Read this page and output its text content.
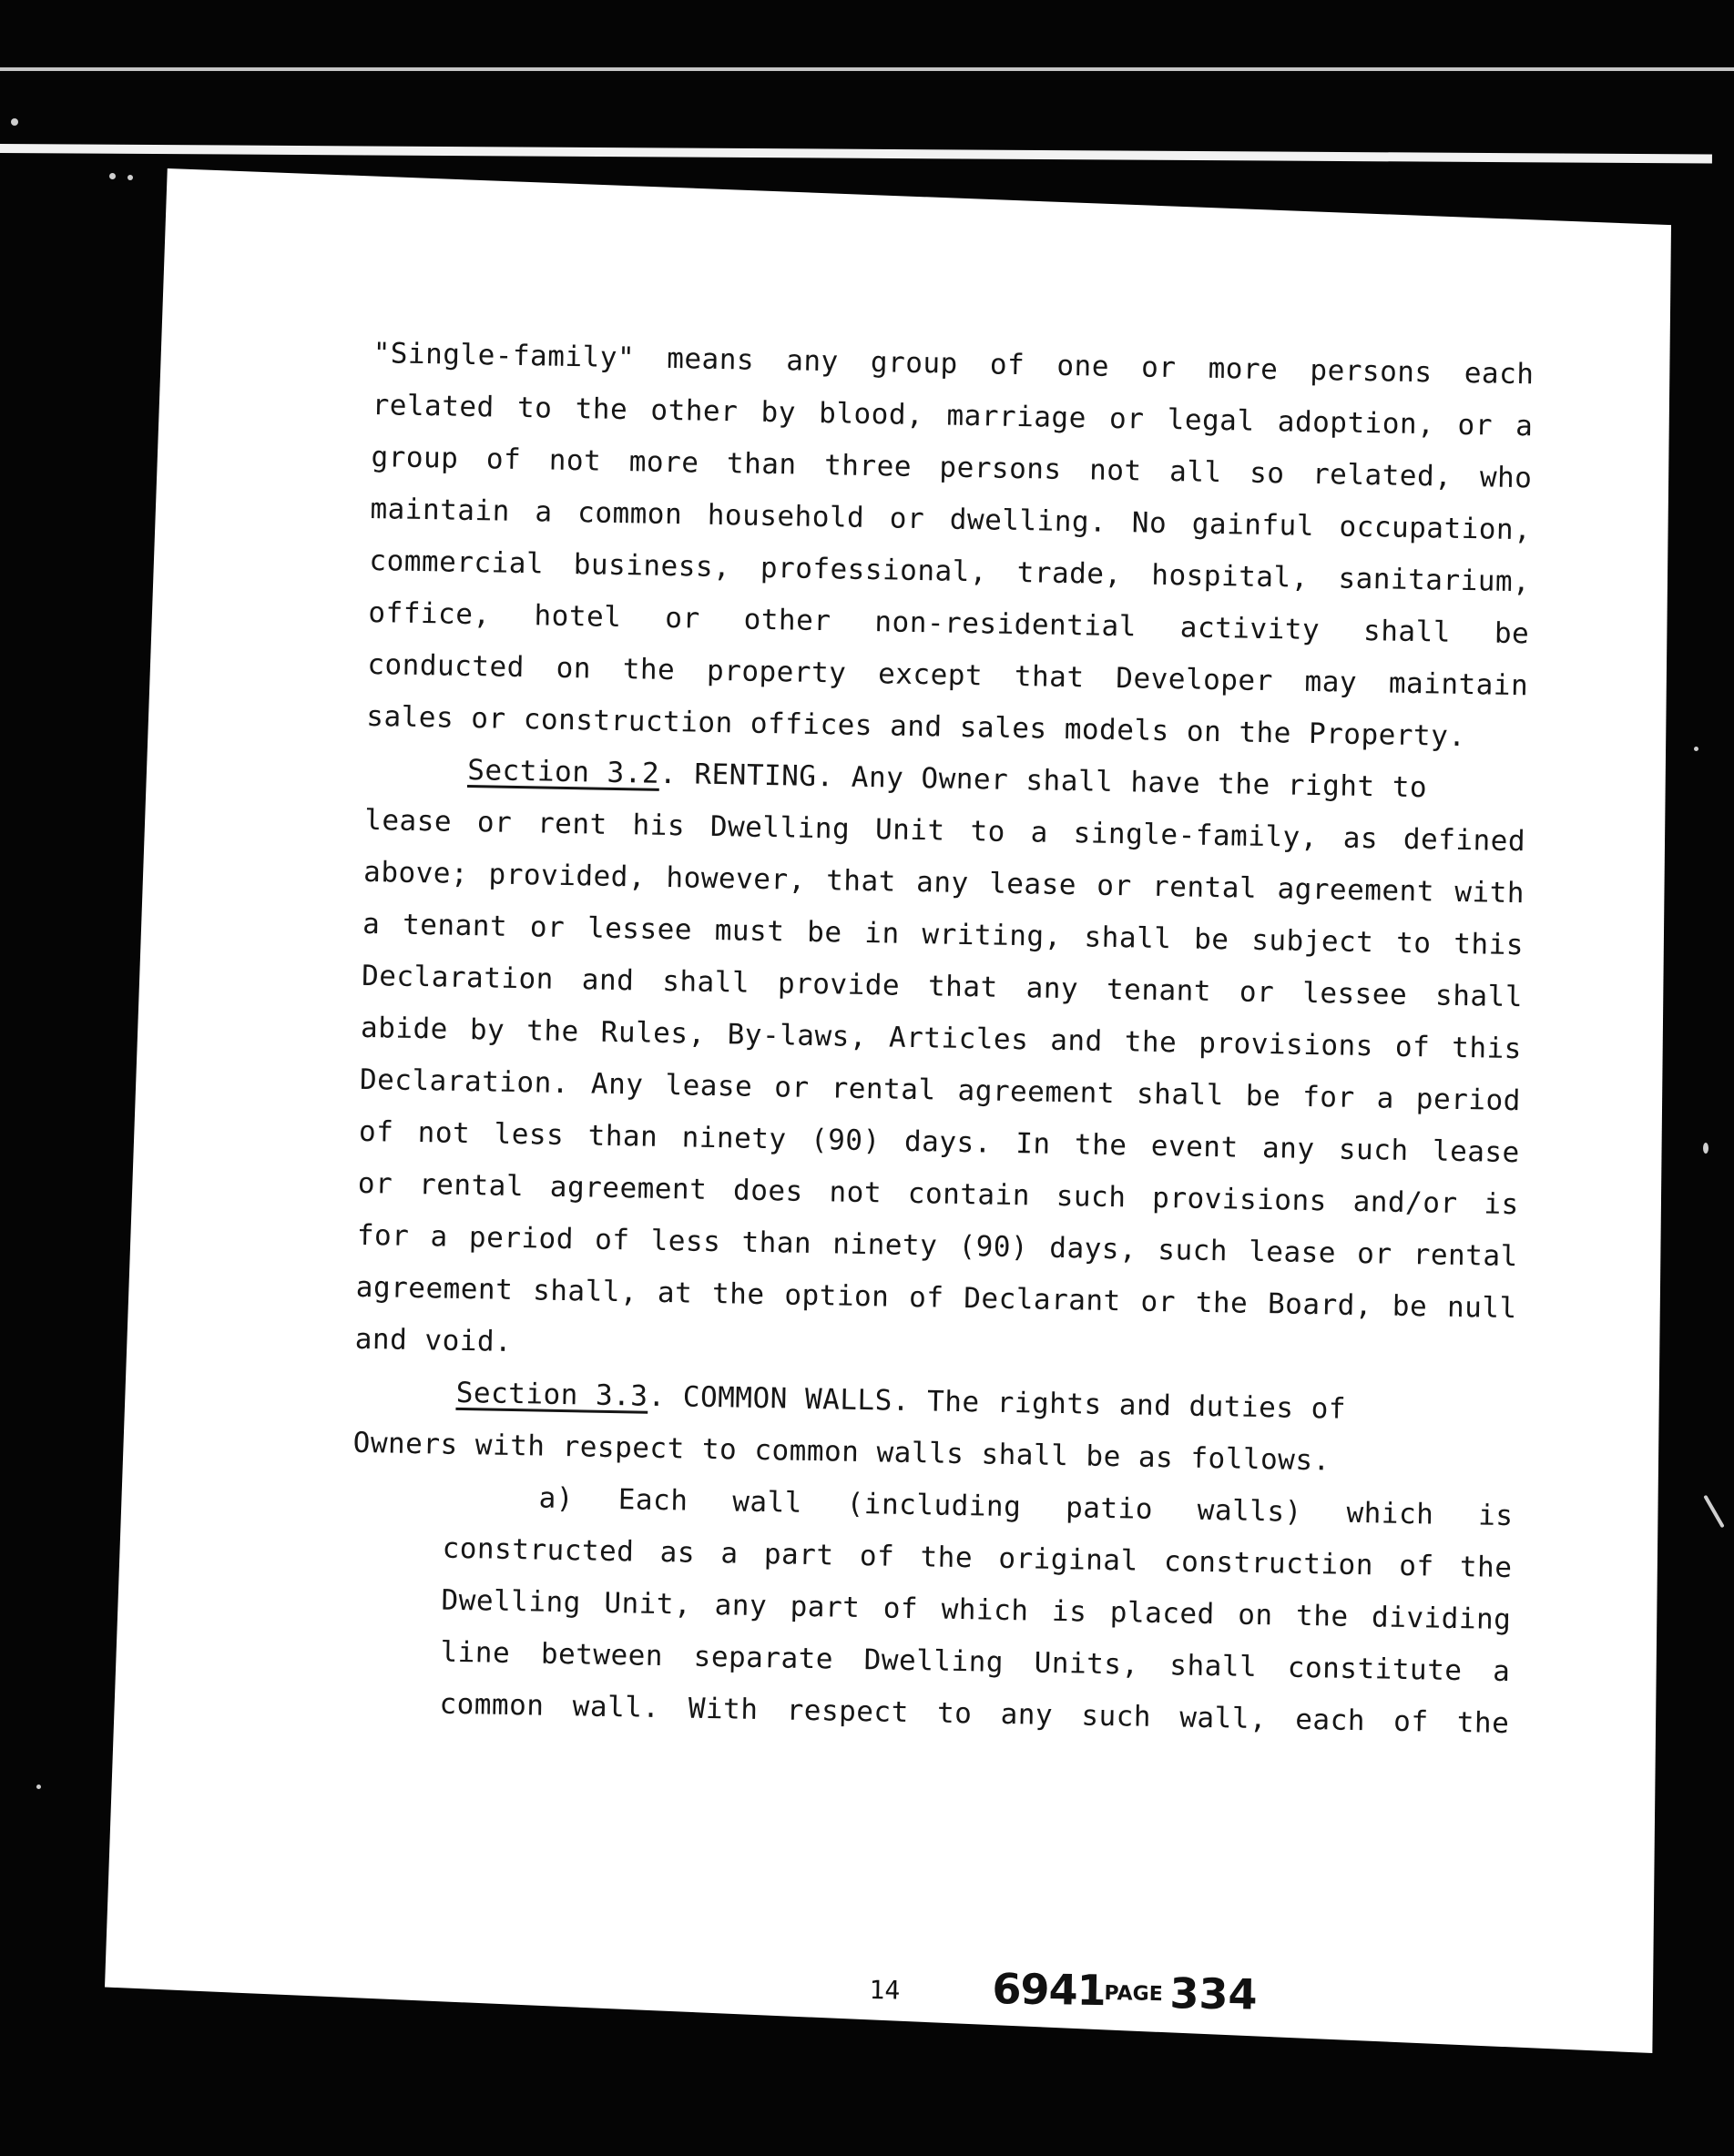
"Single-family" means any group of one or more persons each
related to the other by blood, marriage or legal adoption, or a
group of not more than three persons not all so related, who
maintain a common household or dwelling. No gainful occupation,
commercial business, professional, trade, hospital, sanitarium,
office, hotel or other non-residential activity shall be
conducted on the property except that Developer may maintain
sales or construction offices and sales models on the Property.
Section 3.2. RENTING. Any Owner shall have the right to
lease or rent his Dwelling Unit to a single-family, as defined
above; provided, however, that any lease or rental agreement with
a tenant or lessee must be in writing, shall be subject to this
Declaration and shall provide that any tenant or lessee shall
abide by the Rules, By-laws, Articles and the provisions of this
Declaration. Any lease or rental agreement shall be for a period
of not less than ninety (90) days. In the event any such lease
or rental agreement does not contain such provisions and/or is
for a period of less than ninety (90) days, such lease or rental
agreement shall, at the option of Declarant or the Board, be null
and void.
Section 3.3. COMMON WALLS. The rights and duties of
Owners with respect to common walls shall be as follows.
a) Each wall (including patio walls) which is
constructed as a part of the original construction of the
Dwelling Unit, any part of which is placed on the dividing
line between separate Dwelling Units, shall constitute a
common wall. With respect to any such wall, each of the
14 6941
PAGE 334
